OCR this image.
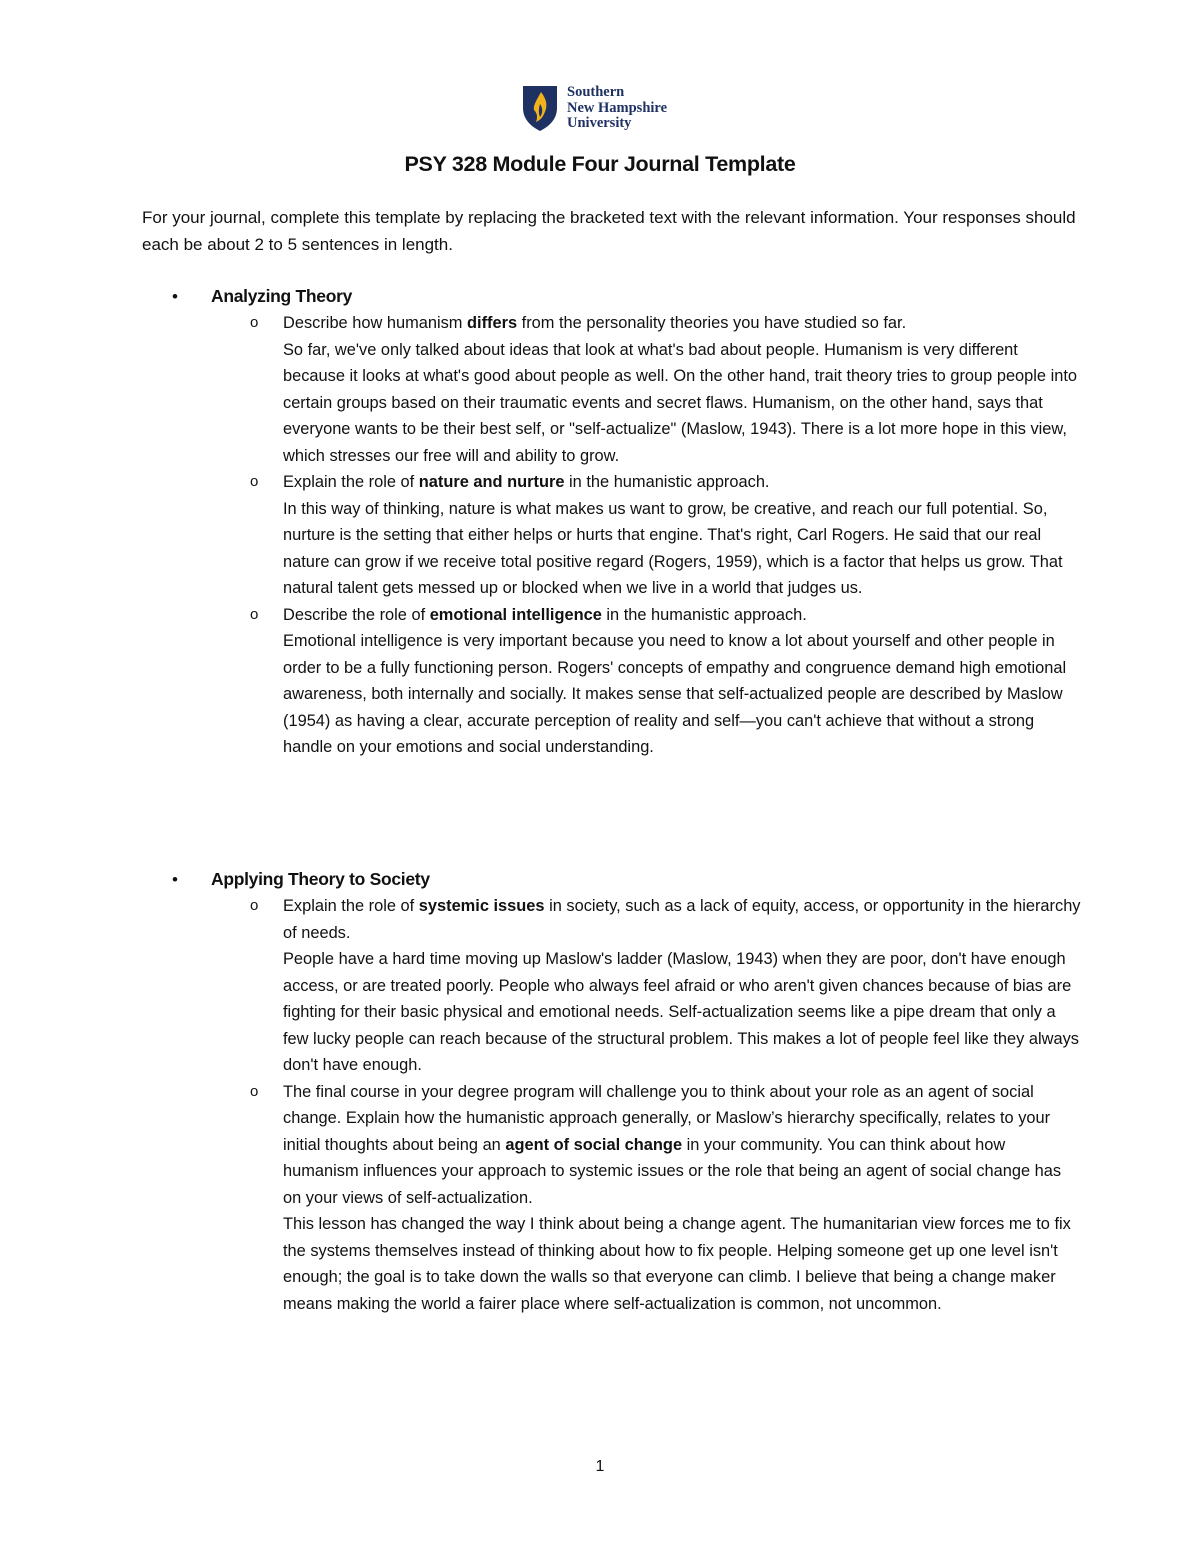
Southern
New Hampshire
University
PSY 328 Module Four Journal Template
For your journal, complete this template by replacing the bracketed text with the relevant information. Your responses should each be about 2 to 5 sentences in length.
• Analyzing Theory
o Describe how humanism differs from the personality theories you have studied so far.

So far, we've only talked about ideas that look at what's bad about people. Humanism is very different because it looks at what's good about people as well. On the other hand, trait theory tries to group people into certain groups based on their traumatic events and secret flaws. Humanism, on the other hand, says that everyone wants to be their best self, or "self-actualize" (Maslow, 1943). There is a lot more hope in this view, which stresses our free will and ability to grow.

o Explain the role of nature and nurture in the humanistic approach.

In this way of thinking, nature is what makes us want to grow, be creative, and reach our full potential. So, nurture is the setting that either helps or hurts that engine. That's right, Carl Rogers. He said that our real nature can grow if we receive total positive regard (Rogers, 1959), which is a factor that helps us grow. That natural talent gets messed up or blocked when we live in a world that judges us.

o Describe the role of emotional intelligence in the humanistic approach.

Emotional intelligence is very important because you need to know a lot about yourself and other people in order to be a fully functioning person. Rogers' concepts of empathy and congruence demand high emotional awareness, both internally and socially. It makes sense that self-actualized people are described by Maslow (1954) as having a clear, accurate perception of reality and self—you can't achieve that without a strong handle on your emotions and social understanding.

• Applying Theory to Society
o Explain the role of systemic issues in society, such as a lack of equity, access, or opportunity in the hierarchy of needs.

People have a hard time moving up Maslow's ladder (Maslow, 1943) when they are poor, don't have enough access, or are treated poorly. People who always feel afraid or who aren't given chances because of bias are fighting for their basic physical and emotional needs. Self-actualization seems like a pipe dream that only a few lucky people can reach because of the structural problem. This makes a lot of people feel like they always don't have enough.

o The final course in your degree program will challenge you to think about your role as an agent of social change. Explain how the humanistic approach generally, or Maslow’s hierarchy specifically, relates to your initial thoughts about being an agent of social change in your community. You can think about how humanism influences your approach to systemic issues or the role that being an agent of social change has on your views of self-actualization.

This lesson has changed the way I think about being a change agent. The humanitarian view forces me to fix the systems themselves instead of thinking about how to fix people. Helping someone get up one level isn't enough; the goal is to take down the walls so that everyone can climb. I believe that being a change maker means making the world a fairer place where self-actualization is common, not uncommon.

1
